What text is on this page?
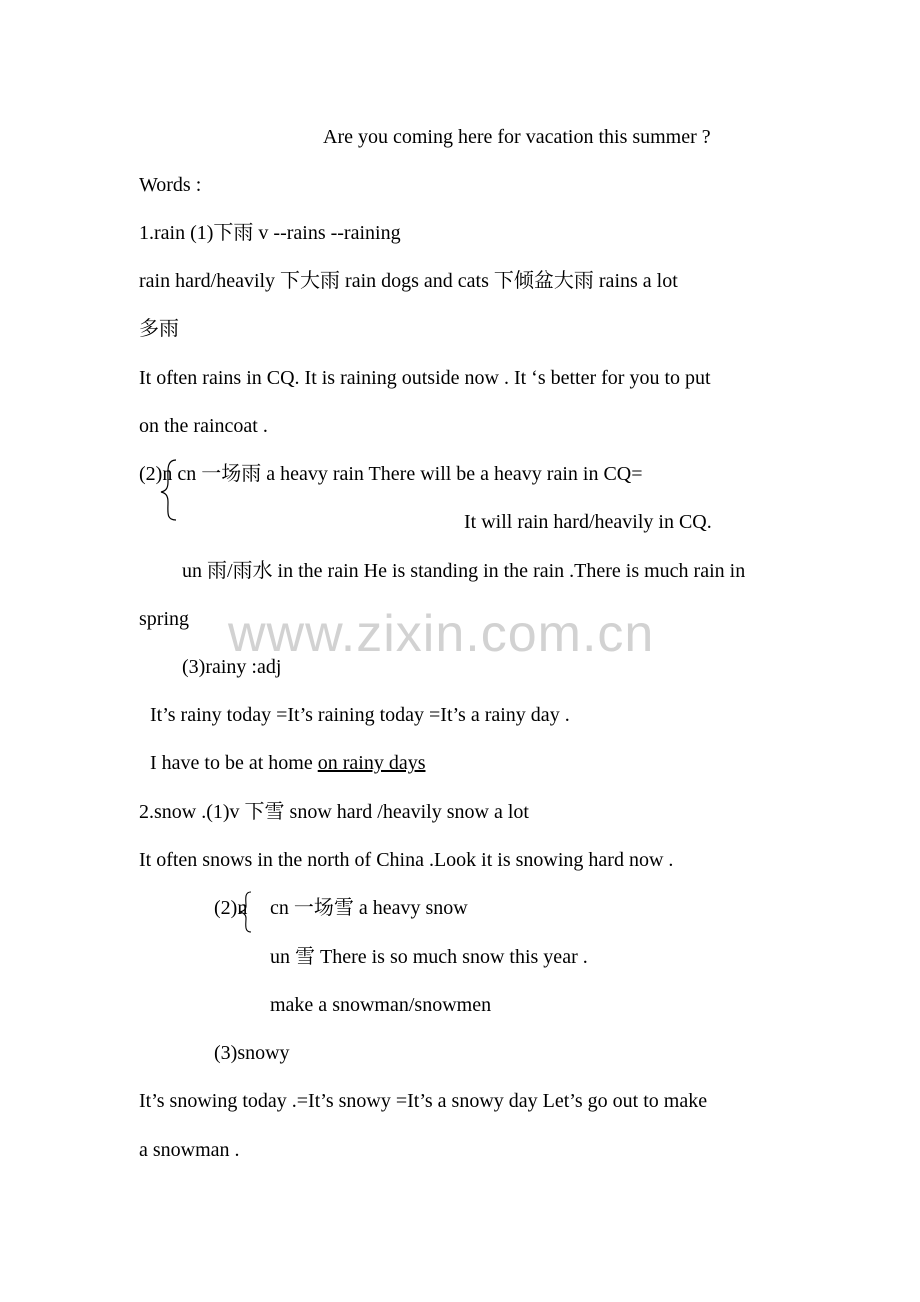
www.zixin.com.cn
Are you coming here for vacation this summer ?
Words :
1.rain (1)下雨 v --rains --raining
rain hard/heavily 下大雨 rain dogs and cats 下倾盆大雨 rains a lot
多雨
It often rains in CQ. It is raining outside now . It ‘s better for you to put
on the raincoat .
(2)n cn 一场雨 a heavy rain There will be a heavy rain in CQ=
It will rain hard/heavily in CQ.
un 雨/雨水 in the rain He is standing in the rain .There is much rain in
spring
(3)rainy :adj
It’s rainy today =It’s raining today =It’s a rainy day .
I have to be at home on rainy days
2.snow .(1)v 下雪 snow hard /heavily snow a lot
It often snows in the north of China .Look it is snowing hard now .
(2)n cn 一场雪 a heavy snow
un 雪 There is so much snow this year .
make a snowman/snowmen
(3)snowy
It’s snowing today .=It’s snowy =It’s a snowy day Let’s go out to make
a snowman .
